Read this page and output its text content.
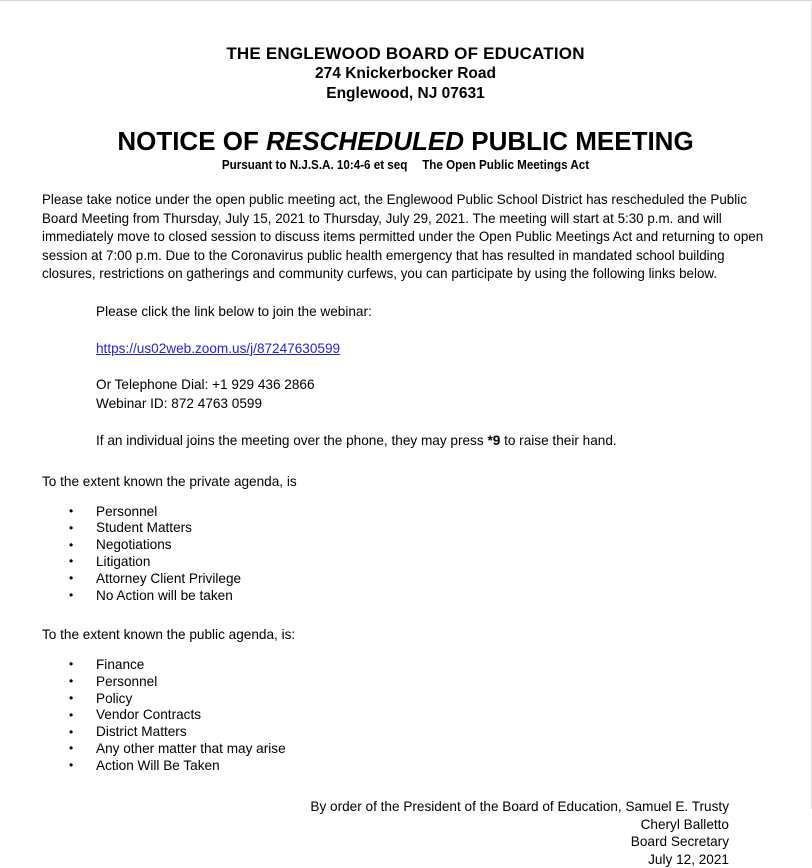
THE ENGLEWOOD BOARD OF EDUCATION
274 Knickerbocker Road
Englewood, NJ 07631
NOTICE OF RESCHEDULED PUBLIC MEETING
Pursuant to N.J.S.A. 10:4-6 et seq The Open Public Meetings Act

Please take notice under the open public meeting act, the Englewood Public School District has rescheduled the Public Board Meeting from Thursday, July 15, 2021 to Thursday, July 29, 2021. The meeting will start at 5:30 p.m. and will immediately move to closed session to discuss items permitted under the Open Public Meetings Act and returning to open session at 7:00 p.m. Due to the Coronavirus public health emergency that has resulted in mandated school building closures, restrictions on gatherings and community curfews, you can participate by using the following links below.

Please click the link below to join the webinar:
https://us02web.zoom.us/j/87247630599
Or Telephone Dial: +1 929 436 2866
Webinar ID: 872 4763 0599
If an individual joins the meeting over the phone, they may press *9 to raise their hand.

To the extent known the private agenda, is

• Personnel
• Student Matters
• Negotiations
• Litigation
• Attorney Client Privilege
• No Action will be taken

To the extent known the public agenda, is:

• Finance
• Personnel
• Policy
• Vendor Contracts
• District Matters
• Any other matter that may arise
• Action Will Be Taken
By order of the President of the Board of Education, Samuel E. Trusty
Cheryl Balletto
Board Secretary
July 12, 2021
